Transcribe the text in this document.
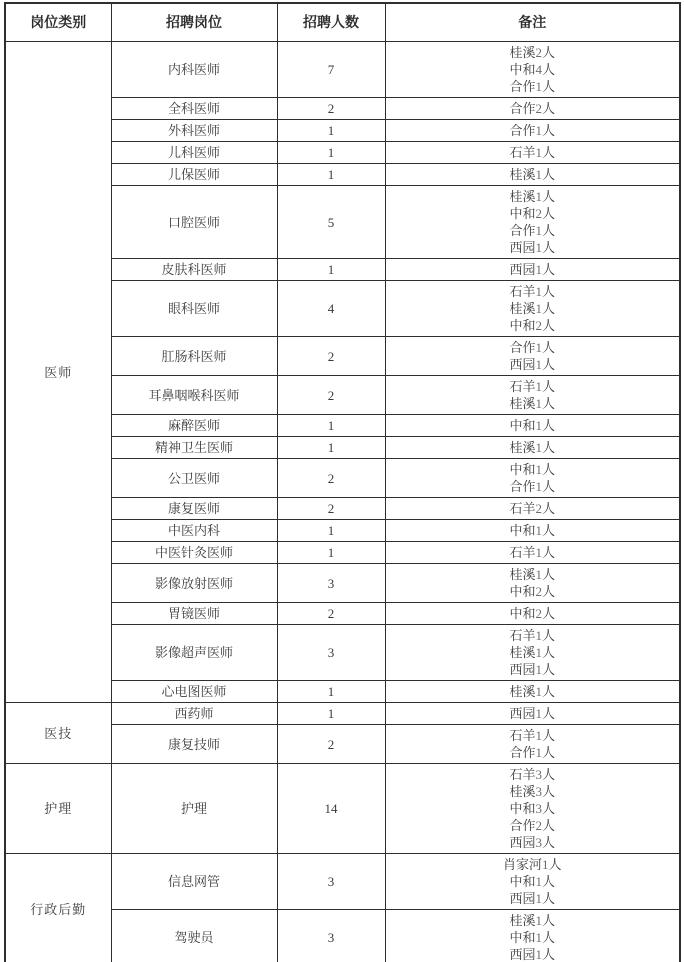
岗位类别	招聘岗位	招聘人数	备注
医师	内科医师	7	桂溪2人
中和4人
合作1人

	全科医师	2	合作2人

	外科医师	1	合作1人

	儿科医师	1	石羊1人

	儿保医师	1	桂溪1人

	口腔医师	5	桂溪1人
中和2人
合作1人
西园1人

	皮肤科医师	1	西园1人

	眼科医师	4	石羊1人
桂溪1人
中和2人

	肛肠科医师	2	合作1人
西园1人

	耳鼻咽喉科医师	2	石羊1人
桂溪1人

	麻醉医师	1	中和1人

	精神卫生医师	1	桂溪1人

	公卫医师	2	中和1人
合作1人

	康复医师	2	石羊2人

	中医内科	1	中和1人

	中医针灸医师	1	石羊1人

	影像放射医师	3	桂溪1人
中和2人

	胃镜医师	2	中和2人

	影像超声医师	3	石羊1人
桂溪1人
西园1人

	心电图医师	1	桂溪1人

医技	西药师	1	西园1人

	康复技师	2	石羊1人
合作1人

护理	护理	14	石羊3人
桂溪3人
中和3人
合作2人
西园3人

行政后勤	信息网管	3	肖家河1人
中和1人
西园1人

	驾驶员	3	桂溪1人
中和1人
西园1人
